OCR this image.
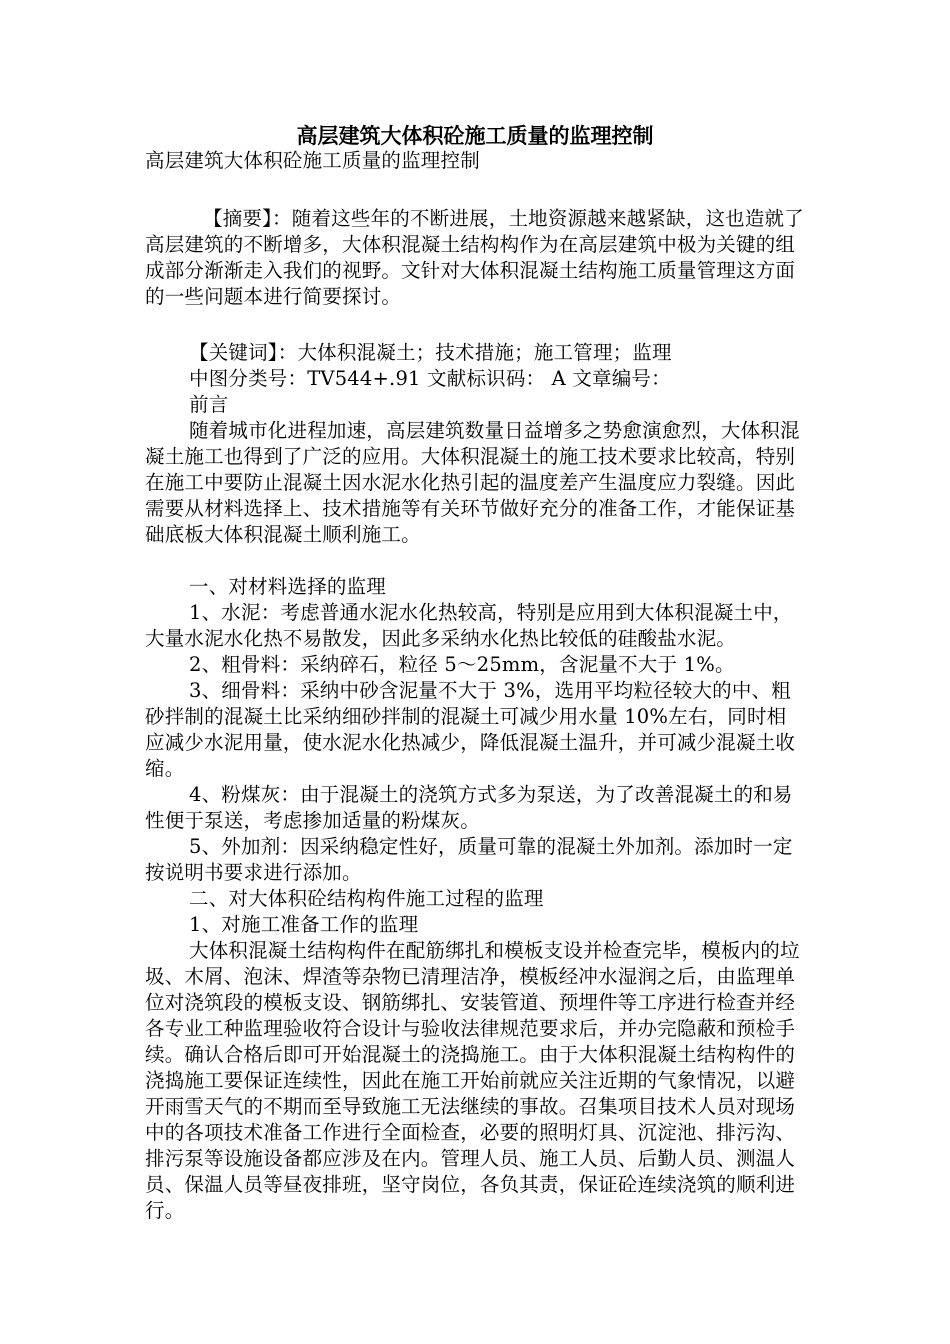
高层建筑大体积砼施工质量的监理控制

高层建筑大体积砼施工质量的监理控制

【摘要】：随着这些年的不断进展，土地资源越来越紧缺，这也造就了高层建筑的不断增多，大体积混凝土结构构作为在高层建筑中极为关键的组成部分渐渐走入我们的视野。文针对大体积混凝土结构施工质量管理这方面的一些问题本进行简要探讨。

【关键词】：大体积混凝土；技术措施；施工管理；监理

中图分类号：TV544+.91 文献标识码： A 文章编号：

前言

随着城市化进程加速，高层建筑数量日益增多之势愈演愈烈，大体积混凝土施工也得到了广泛的应用。大体积混凝土的施工技术要求比较高，特别在施工中要防止混凝土因水泥水化热引起的温度差产生温度应力裂缝。因此需要从材料选择上、技术措施等有关环节做好充分的准备工作，才能保证基础底板大体积混凝土顺利施工。

一、对材料选择的监理

1、水泥：考虑普通水泥水化热较高，特别是应用到大体积混凝土中，大量水泥水化热不易散发，因此多采纳水化热比较低的硅酸盐水泥。

2、粗骨料：采纳碎石，粒径 5～25mm，含泥量不大于 1%。

3、细骨料：采纳中砂含泥量不大于 3%，选用平均粒径较大的中、粗砂拌制的混凝土比采纳细砂拌制的混凝土可减少用水量 10%左右，同时相应减少水泥用量，使水泥水化热减少，降低混凝土温升，并可减少混凝土收缩。

4、粉煤灰：由于混凝土的浇筑方式多为泵送，为了改善混凝土的和易性便于泵送，考虑掺加适量的粉煤灰。

5、外加剂：因采纳稳定性好，质量可靠的混凝土外加剂。添加时一定按说明书要求进行添加。

二、对大体积砼结构构件施工过程的监理

1、对施工准备工作的监理

大体积混凝土结构构件在配筋绑扎和模板支设并检查完毕，模板内的垃圾、木屑、泡沫、焊渣等杂物已清理洁净，模板经冲水湿润之后，由监理单位对浇筑段的模板支设、钢筋绑扎、安装管道、预埋件等工序进行检查并经各专业工种监理验收符合设计与验收法律规范要求后，并办完隐蔽和预检手续。确认合格后即可开始混凝土的浇捣施工。由于大体积混凝土结构构件的浇捣施工要保证连续性，因此在施工开始前就应关注近期的气象情况，以避开雨雪天气的不期而至导致施工无法继续的事故。召集项目技术人员对现场中的各项技术准备工作进行全面检查，必要的照明灯具、沉淀池、排污沟、排污泵等设施设备都应涉及在内。管理人员、施工人员、后勤人员、测温人员、保温人员等昼夜排班，坚守岗位，各负其责，保证砼连续浇筑的顺利进行。
